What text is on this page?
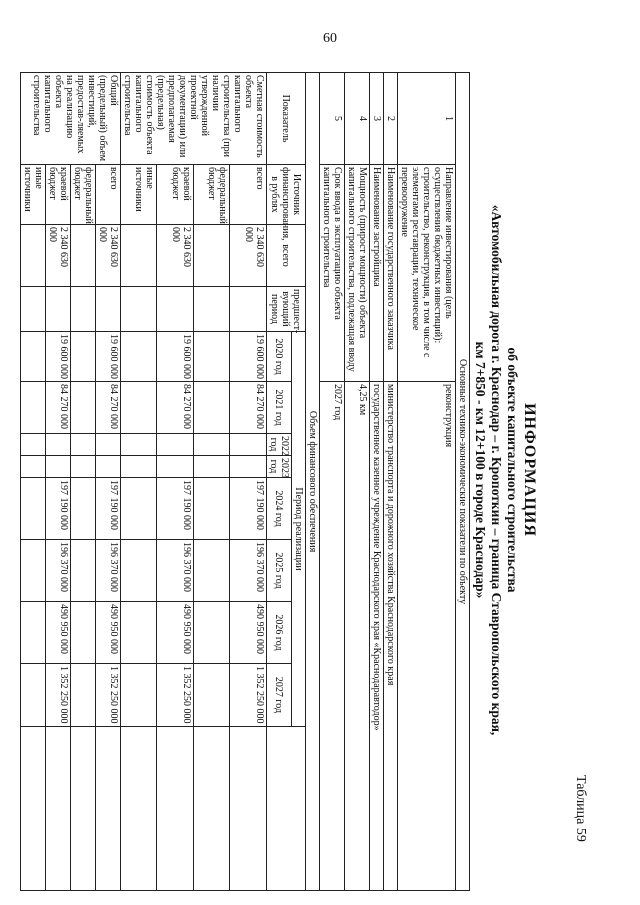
60
Таблица 59
ИНФОРМАЦИЯ
об объекте капитального строительства
«Автомобильная дорога г. Краснодар – г. Кропоткин – граница Ставропольского края,
км 7+850 - км 12+100 в городе Краснодар»
Основные технико-экономические показатели по объекту												
1	Направление инвестирования (цель осуществления бюджетных инвестиций): строительство, реконструкция, в том числе с элементами реставрации, техническое перевооружение				реконструкция							
2	Наименование государственного заказчика				министерство транспорта и дорожного хозяйства Краснодарского края							
3	Наименование застройщика				государственное казенное учреждение Краснодарского края «Краснодаравтодор»							
4	Мощность (прирост мощности) объекта капитального строительства, подлежащая вводу				4,25 км							
5	Срок ввода в эксплуатацию объекта капитального строительства				2027 год							
Объем финансового обеспечения												
Показатель	Источник финансирования, в рублях	всего	предшест-вующий период	Период реализации								
				2020 год	2021 год	2022 год	2023 год	2024 год	2025 год	2026 год	2027 год	
Сметная стоимость объекта капитального строительства (при наличии утвержденной проектной документации) или предполагаемая (предельная) стоимость объекта капитального строительства	всего	2 340 630 000		19 600 000	84 270 000			197 190 000	196 370 000	490 950 000	1 352 250 000	
	федеральный бюджет											
	краевой бюджет	2 340 630 000		19 600 000	84 270 000			197 190 000	196 370 000	490 950 000	1 352 250 000	
	иные источники											
Общий (предельный) объем инвестиций, предостав-ляемых на реализацию объекта капитального строительства	всего	2 340 630 000		19 600 000	84 270 000			197 190 000	196 370 000	490 950 000	1 352 250 000	
	федеральный бюджет											
	краевой бюджет	2 340 630 000		19 600 000	84 270 000			197 190 000	196 370 000	490 950 000	1 352 250 000	
	иные источники											
